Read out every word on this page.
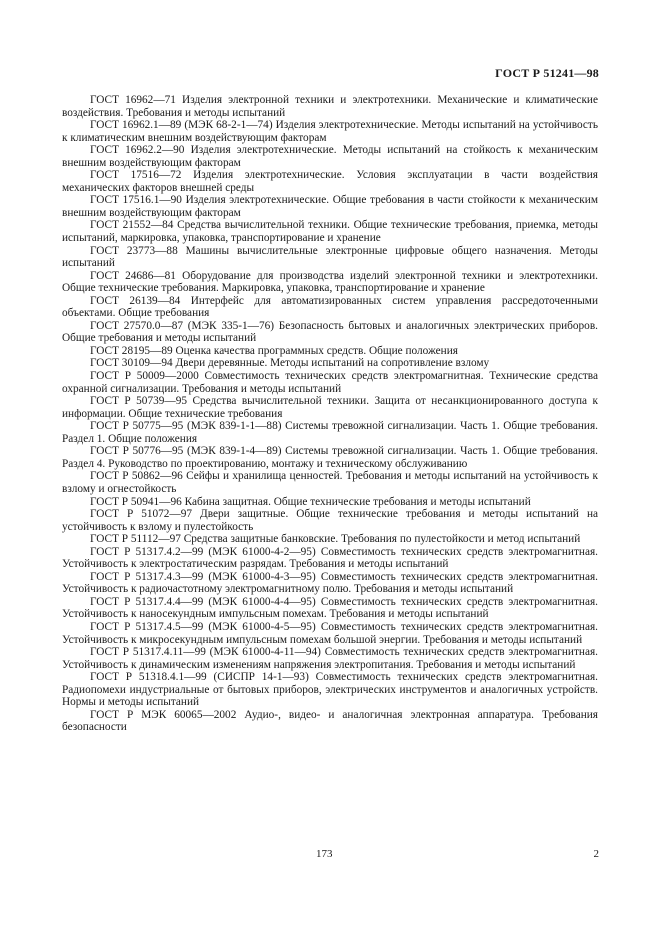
ГОСТ Р 51241—98

ГОСТ 16962—71 Изделия электронной техники и электротехники. Механические и климатические воздействия. Требования и методы испытаний

ГОСТ 16962.1—89 (МЭК 68-2-1—74) Изделия электротехнические. Методы испытаний на устойчивость к климатическим внешним воздействующим факторам

ГОСТ 16962.2—90 Изделия электротехнические. Методы испытаний на стойкость к механическим внешним воздействующим факторам

ГОСТ 17516—72 Изделия электротехнические. Условия эксплуатации в части воздействия механических факторов внешней среды

ГОСТ 17516.1—90 Изделия электротехнические. Общие требования в части стойкости к механическим внешним воздействующим факторам

ГОСТ 21552—84 Средства вычислительной техники. Общие технические требования, приемка, методы испытаний, маркировка, упаковка, транспортирование и хранение

ГОСТ 23773—88 Машины вычислительные электронные цифровые общего назначения. Методы испытаний

ГОСТ 24686—81 Оборудование для производства изделий электронной техники и электротехники. Общие технические требования. Маркировка, упаковка, транспортирование и хранение

ГОСТ 26139—84 Интерфейс для автоматизированных систем управления рассредоточенными объектами. Общие требования

ГОСТ 27570.0—87 (МЭК 335-1—76) Безопасность бытовых и аналогичных электрических приборов. Общие требования и методы испытаний

ГОСТ 28195—89 Оценка качества программных средств. Общие положения

ГОСТ 30109—94 Двери деревянные. Методы испытаний на сопротивление взлому

ГОСТ Р 50009—2000 Совместимость технических средств электромагнитная. Технические средства охранной сигнализации. Требования и методы испытаний

ГОСТ Р 50739—95 Средства вычислительной техники. Защита от несанкционированного доступа к информации. Общие технические требования

ГОСТ Р 50775—95 (МЭК 839-1-1—88) Системы тревожной сигнализации. Часть 1. Общие требования. Раздел 1. Общие положения

ГОСТ Р 50776—95 (МЭК 839-1-4—89) Системы тревожной сигнализации. Часть 1. Общие требования. Раздел 4. Руководство по проектированию, монтажу и техническому обслуживанию

ГОСТ Р 50862—96 Сейфы и хранилища ценностей. Требования и методы испытаний на устойчивость к взлому и огнестойкость

ГОСТ Р 50941—96 Кабина защитная. Общие технические требования и методы испытаний

ГОСТ Р 51072—97 Двери защитные. Общие технические требования и методы испытаний на устойчивость к взлому и пулестойкость

ГОСТ Р 51112—97 Средства защитные банковские. Требования по пулестойкости и метод испытаний

ГОСТ Р 51317.4.2—99 (МЭК 61000-4-2—95) Совместимость технических средств электромагнитная. Устойчивость к электростатическим разрядам. Требования и методы испытаний

ГОСТ Р 51317.4.3—99 (МЭК 61000-4-3—95) Совместимость технических средств электромагнитная. Устойчивость к радиочастотному электромагнитному полю. Требования и методы испытаний

ГОСТ Р 51317.4.4—99 (МЭК 61000-4-4—95) Совместимость технических средств электромагнитная. Устойчивость к наносекундным импульсным помехам. Требования и методы испытаний

ГОСТ Р 51317.4.5—99 (МЭК 61000-4-5—95) Совместимость технических средств электромагнитная. Устойчивость к микросекундным импульсным помехам большой энергии. Требования и методы испытаний

ГОСТ Р 51317.4.11—99 (МЭК 61000-4-11—94) Совместимость технических средств электромагнитная. Устойчивость к динамическим изменениям напряжения электропитания. Требования и методы испытаний

ГОСТ Р 51318.4.1—99 (СИСПР 14-1—93) Совместимость технических средств электромагнитная. Радиопомехи индустриальные от бытовых приборов, электрических инструментов и аналогичных устройств. Нормы и методы испытаний

ГОСТ Р МЭК 60065—2002 Аудио-, видео- и аналогичная электронная аппаратура. Требования безопасности

173	2
